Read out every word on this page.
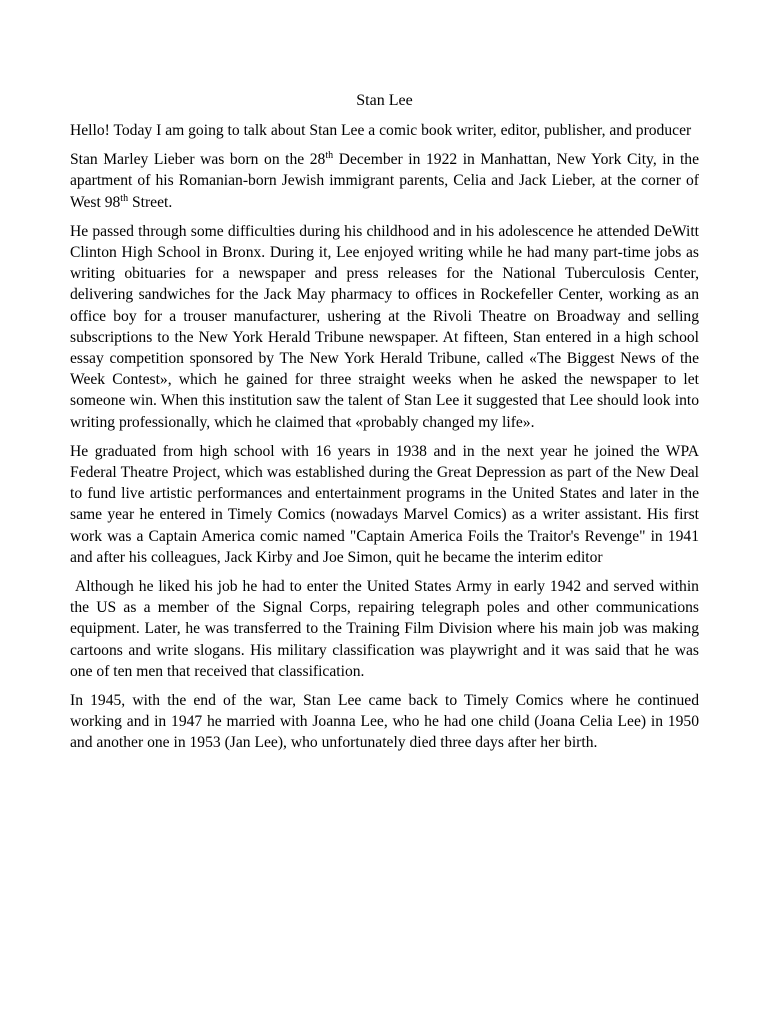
Stan Lee

Hello! Today I am going to talk about Stan Lee a comic book writer, editor, publisher, and producer

Stan Marley Lieber was born on the 28th December in 1922 in Manhattan, New York City, in the apartment of his Romanian-born Jewish immigrant parents, Celia and Jack Lieber, at the corner of West 98th Street.

He passed through some difficulties during his childhood and in his adolescence he attended DeWitt Clinton High School in Bronx. During it, Lee enjoyed writing while he had many part-time jobs as writing obituaries for a newspaper and press releases for the National Tuberculosis Center, delivering sandwiches for the Jack May pharmacy to offices in Rockefeller Center, working as an office boy for a trouser manufacturer, ushering at the Rivoli Theatre on Broadway and selling subscriptions to the New York Herald Tribune newspaper. At fifteen, Stan entered in a high school essay competition sponsored by The New York Herald Tribune, called «The Biggest News of the Week Contest», which he gained for three straight weeks when he asked the newspaper to let someone win. When this institution saw the talent of Stan Lee it suggested that Lee should look into writing professionally, which he claimed that «probably changed my life».

He graduated from high school with 16 years in 1938 and in the next year he joined the WPA Federal Theatre Project, which was established during the Great Depression as part of the New Deal to fund live artistic performances and entertainment programs in the United States and later in the same year he entered in Timely Comics (nowadays Marvel Comics) as a writer assistant. His first work was a Captain America comic named "Captain America Foils the Traitor's Revenge" in 1941 and after his colleagues, Jack Kirby and Joe Simon, quit he became the interim editor

Although he liked his job he had to enter the United States Army in early 1942 and served within the US as a member of the Signal Corps, repairing telegraph poles and other communications equipment. Later, he was transferred to the Training Film Division where his main job was making cartoons and write slogans. His military classification was playwright and it was said that he was one of ten men that received that classification.

In 1945, with the end of the war, Stan Lee came back to Timely Comics where he continued working and in 1947 he married with Joanna Lee, who he had one child (Joana Celia Lee) in 1950 and another one in 1953 (Jan Lee), who unfortunately died three days after her birth.
